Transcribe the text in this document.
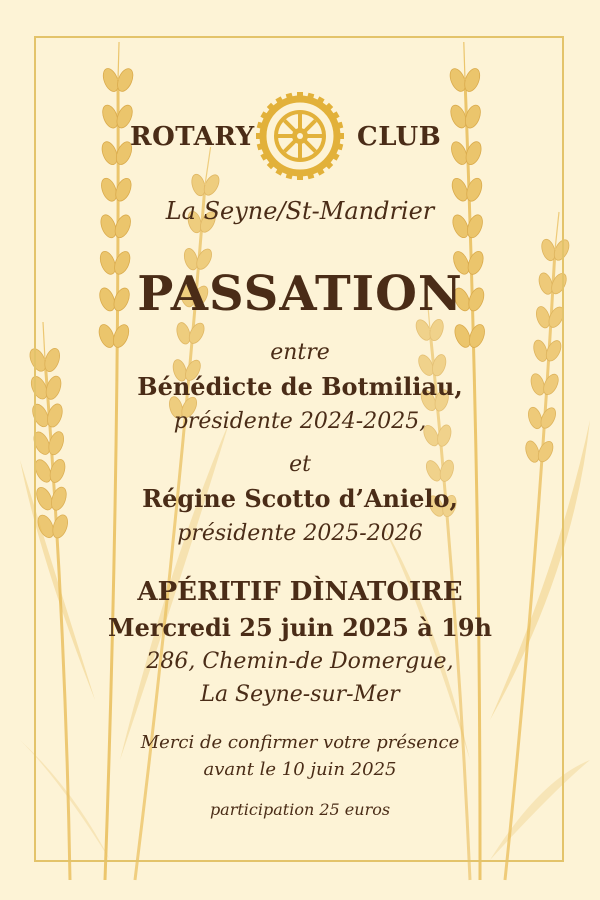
ROTARY	CLUB
La Seyne/St-Mandrier
PASSATION
entre
Bénédicte de Botmiliau,
présidente 2024-2025,
et
Régine Scotto d’Anielo,
présidente 2025-2026
APÉRITIF DÌNATOIRE
Mercredi 25 juin 2025 à 19h
286, Chemin-de Domergue,
La Seyne-sur-Mer
Merci de confirmer votre présence
avant le 10 juin 2025
participation 25 euros
